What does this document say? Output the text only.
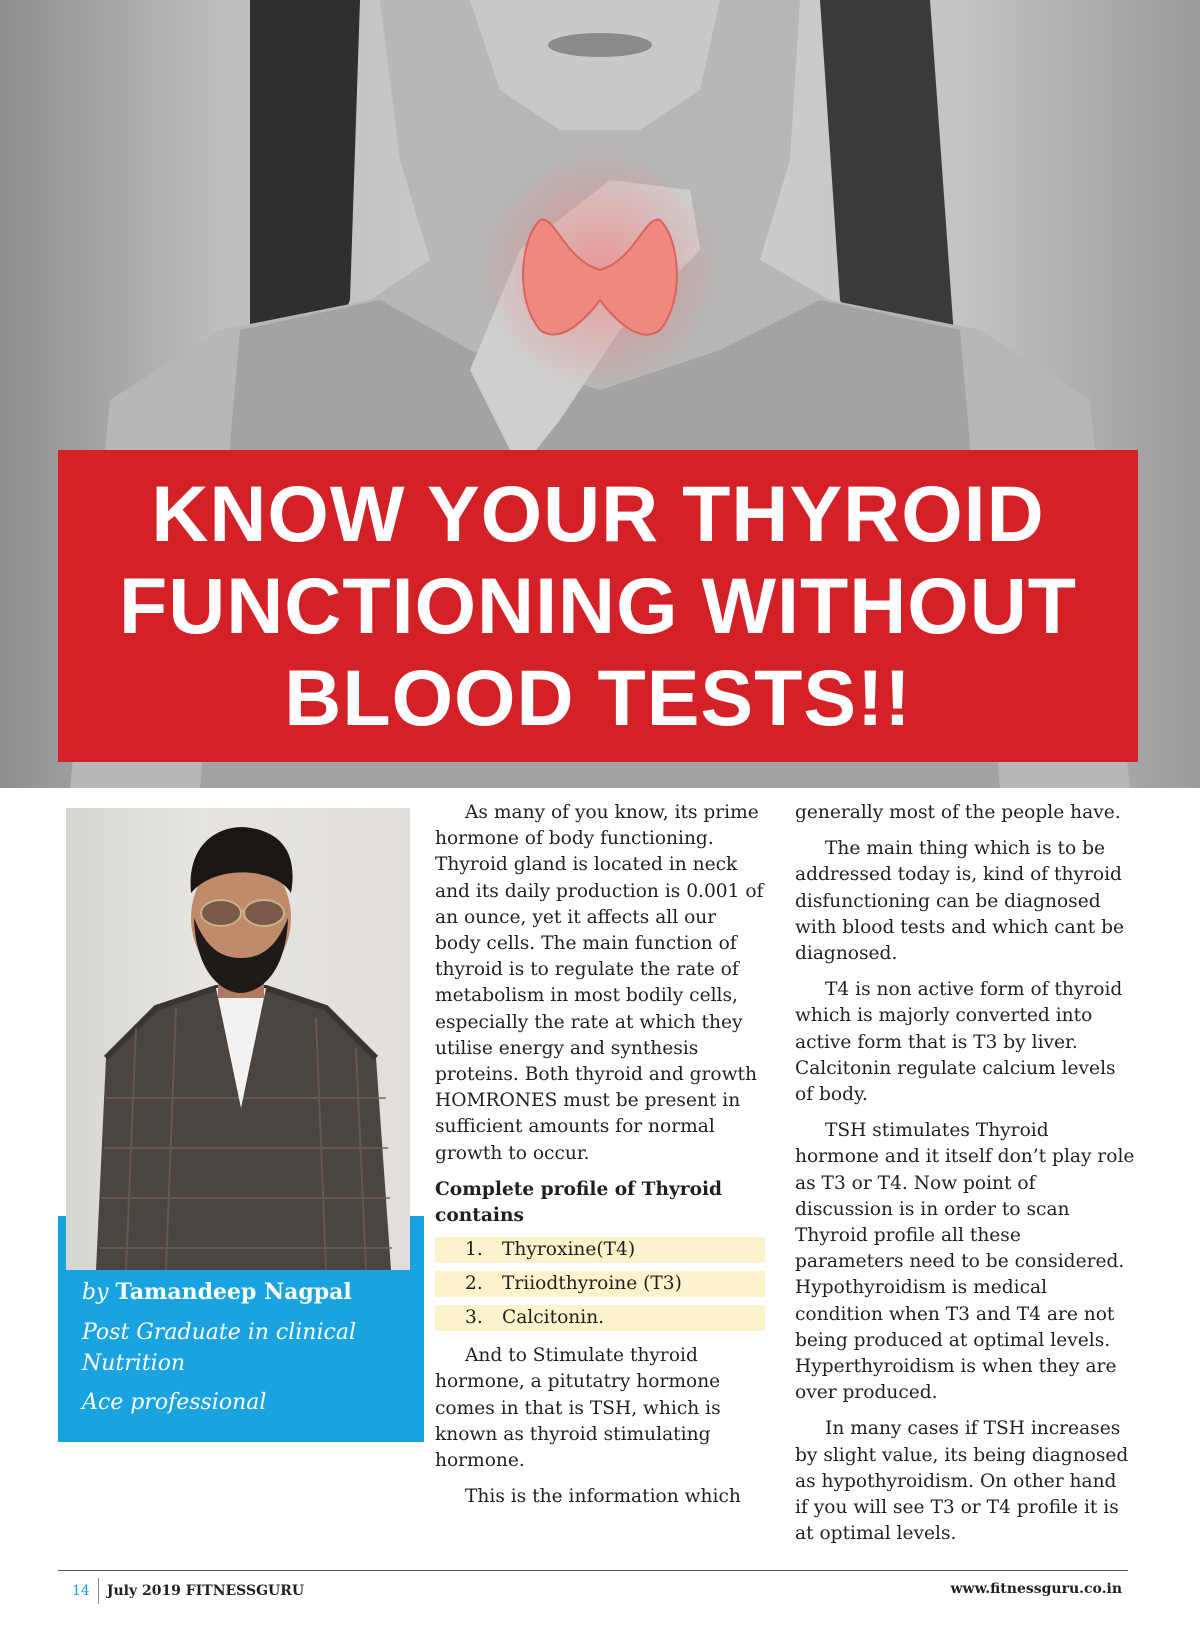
KNOW YOUR THYROID FUNCTIONING WITHOUT BLOOD TESTS!!
by Tamandeep Nagpal
Post Graduate in clinical Nutrition
Ace professional

As many of you know, its prime hormone of body functioning. Thyroid gland is located in neck and its daily production is 0.001 of an ounce, yet it affects all our body cells. The main function of thyroid is to regulate the rate of metabolism in most bodily cells, especially the rate at which they utilise energy and synthesis proteins. Both thyroid and growth HOMRONES must be present in sufficient amounts for normal growth to occur.

Complete profile of Thyroid contains

1. Thyroxine(T4)
2. Triiodthyroine (T3)
3. Calcitonin.

And to Stimulate thyroid hormone, a pitutatry hormone comes in that is TSH, which is known as thyroid stimulating hormone.

This is the information which

generally most of the people have.

The main thing which is to be addressed today is, kind of thyroid disfunctioning can be diagnosed with blood tests and which cant be diagnosed.

T4 is non active form of thyroid which is majorly converted into active form that is T3 by liver. Calcitonin regulate calcium levels of body.

TSH stimulates Thyroid hormone and it itself don’t play role as T3 or T4. Now point of discussion is in order to scan Thyroid profile all these parameters need to be considered. Hypothyroidism is medical condition when T3 and T4 are not being produced at optimal levels. Hyperthyroidism is when they are over produced.

In many cases if TSH increases by slight value, its being diagnosed as hypothyroidism. On other hand if you will see T3 or T4 profile it is at optimal levels.

14 July 2019 FITNESSGURU	www.fitnessguru.co.in
